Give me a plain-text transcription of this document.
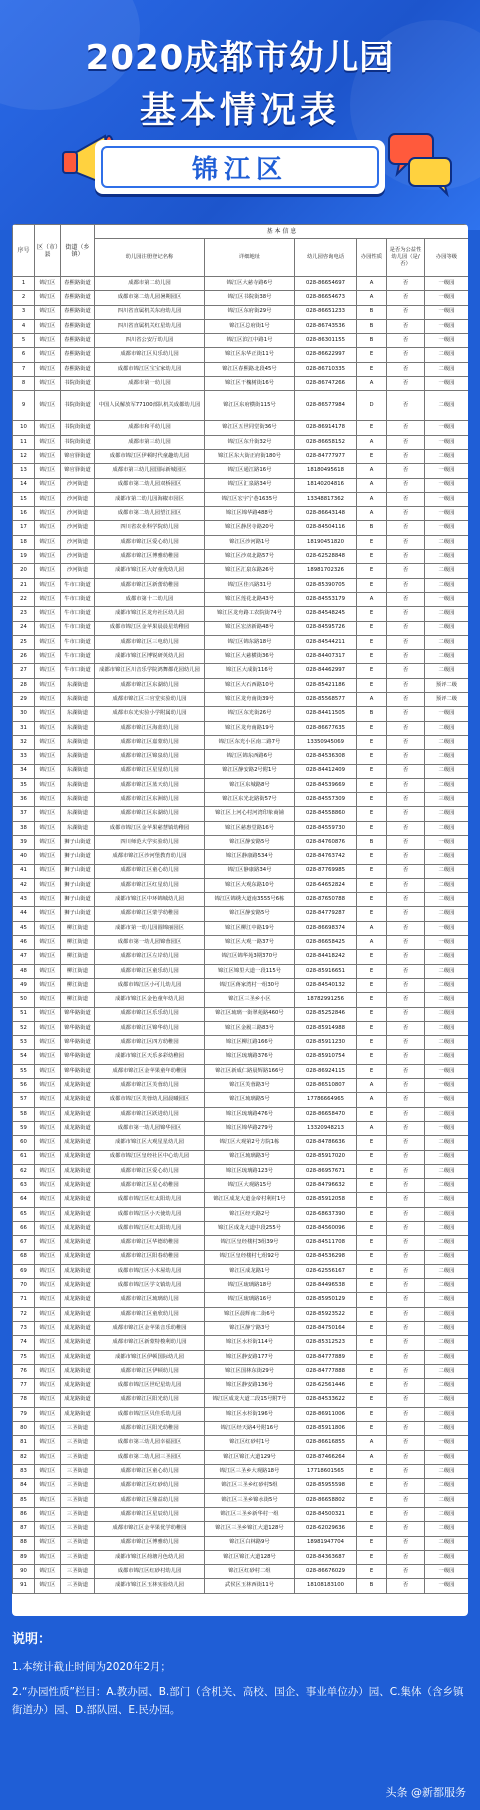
2020成都市幼儿园
基本情况表
锦江区
序号	区（市）县	街道（乡镇）	基 本 信 息					
			幼儿园注册登记名称	详细地址	幼儿园咨询电话	办园性质	是否为公益性幼儿园（是/否）	办园等级
1	锦江区	春熙路街道	成都市第二幼儿园	锦江区大慈寺路6号	028-86654697	A	否	一级园
2	锦江区	春熙路街道	成都市第二幼儿园暑期园区	锦江区书院街38号	028-86654673	A	否	一级园
3	锦江区	春熙路街道	四川省直属机关东府幼儿园	锦江区东府街29号	028-86651233	B	否	一级园
4	锦江区	春熙路街道	四川省直属机关红星幼儿园	锦江区总府街1号	028-86743536	B	否	一级园
5	锦江区	春熙路街道	四川省公安厅幼儿园	锦江区滨江中路1号	028-86301155	B	否	一级园
6	锦江区	春熙路街道	成都市锦江区贝乐幼儿园	锦江区东华正街11号	028-86622997	E	否	二级园
7	锦江区	春熙路街道	成都市锦江区宝宝家幼儿园	锦江区春熙路北段45号	028-86710335	E	否	二级园
8	锦江区	书院街街道	成都市第一幼儿园	锦江区干槐树街16号	028-86747266	A	否	一级园
9	锦江区	书院街街道	中国人民解放军77100部队机关成都幼儿园	锦江区东府横街115号	028-86577984	D	否	二级园
10	锦江区	书院街街道	成都市和平幼儿园	锦江区五世同堂街36号	028-86914178	E	否	一级园
11	锦江区	书院街街道	成都市第三幼儿园	锦江区东升街32号	028-86658152	A	否	一级园
12	锦江区	锦官驿街道	成都市锦江区伊顿时代童趣幼儿园	锦江区东大街正府街180号	028-84777977	E	否	二级园
13	锦江区	锦官驿街道	成都市第三幼儿园国际新城园区	锦江区通江路16号	18180495618	A	否	一级园
14	锦江区	沙河街道	成都市第二幼儿园双桥园区	锦江区汇泉路34号	18140204816	A	否	一级园
15	锦江区	沙河街道	成都市第二幼儿园海椒市园区	锦江区宏宇宁巷1635号	13348817362	A	否	一级园
16	锦江区	沙河街道	成都市第二幼儿园望江园区	锦江区锦华路488号	028-86643148	A	否	一级园
17	锦江区	沙河街道	四川省农业科学院幼儿园	锦江区静居寺路20号	028-84504116	B	否	一级园
18	锦江区	沙河街道	成都市锦江区爱心幼儿园	锦江区沙河路1号	18190451820	E	否	二级园
19	锦江区	沙河街道	成都市锦江区博雅幼稚园	锦江区沙双北路57号	028-62528848	E	否	二级园
20	锦江区	沙河街道	成都市锦江区大好童优幼儿园	锦江区汇泉东路26号	18981702326	E	否	二级园
21	锦江区	牛市口街道	成都市锦江区新蕾幼稚园	锦江区佳兴路31号	028-85390705	E	否	二级园
22	锦江区	牛市口街道	成都市第十二幼儿园	锦江区莲花北路43号	028-84553179	A	否	一级园
23	锦江区	牛市口街道	成都市锦江区龙舟社区幼儿园	锦江区龙舟路工农院街74号	028-84548245	E	否	二级园
24	锦江区	牛市口街道	成都市锦江区金苹果晨晨星幼稚园	锦江区宏济新路48号	028-84595726	E	否	二级园
25	锦江区	牛市口街道	成都市锦江区三电幼儿园	锦江区锦东路18号	028-84544211	E	否	二级园
26	锦江区	牛市口街道	成都市锦江区博锐研英幼儿园	锦江区大慈横街36号	028-84407317	E	否	二级园
27	锦江区	牛市口街道	成都市锦江区川音乐学院鸿舞都花园幼儿园	锦江区大成街116号	028-84462997	E	否	二级园
28	锦江区	东湖街道	成都市锦江区东湖幼儿园	锦江区大石西路10号	028-85421186	E	否	预评二级
29	锦江区	东湖街道	成都市锦江区三官堂实验幼儿园	锦江区龙舟南街39号	028-85568577	A	否	预评二级
30	锦江区	东湖街道	成都市东光实验小学附属幼儿园	锦江区东光街26号	028-84411505	B	否	一级园
31	锦江区	东湖街道	成都市锦江区海蓝幼儿园	锦江区龙舟南路19号	028-86677635	E	否	二级园
32	锦江区	东湖街道	成都市锦江区嘉蒙幼儿园	锦江区东光小区南二路7号	13350945069	E	否	二级园
33	锦江区	东湖街道	成都市锦江区锦泉幼儿园	锦江区锦东西路6号	028-84536308	E	否	二级园
34	锦江区	东湖街道	成都市锦江区星星幼儿园	锦江区静安路2号附1号	028-84412409	E	否	二级园
35	锦江区	东湖街道	成都市锦江区蓝天幼儿园	锦江区东城路8号	028-84539669	E	否	二级园
36	锦江区	东湖街道	成都市锦江区东洲幼儿园	锦江区东光北路街57号	028-84557309	E	否	三级园
37	锦江区	东湖街道	成都市锦江区东湖幼儿园	锦江区上河心村河湾印象商铺	028-84558860	E	否	二级园
38	锦江区	东湖街道	成都市锦江区金苹果慈慧镇幼稚园	锦江区慈惠堂路16号	028-84559730	E	否	二级园
39	锦江区	狮子山街道	四川师范大学实验幼儿园	锦江区静安路5号	028-84760876	B	否	一级园
40	锦江区	狮子山街道	成都市锦江区沙河堡教育幼儿园	锦江区静康路534号	028-84763742	E	否	二级园
41	锦江区	狮子山街道	成都市锦江区童心幼儿园	锦江区静康路34号	028-87769985	E	否	二级园
42	锦江区	狮子山街道	成都市锦江区红星幼儿园	锦江区大观东路10号	028-64652824	E	否	二级园
43	锦江区	狮子山街道	成都市锦江区中环锦城幼儿园	锦江区锦绣大道南3555号6栋	028-87650788	E	否	二级园
44	锦江区	狮子山街道	成都市锦江区蒙学幼稚园	锦江区静安路5号	028-84779287	E	否	二级园
45	锦江区	柳江街道	成都市第一幼儿园圆锦丽园区	锦江区柳江中路19号	028-86698374	A	否	一级园
46	锦江区	柳江街道	成都市第一幼儿园锦蓉园区	锦江区大观一路37号	028-86658425	A	否	一级园
47	锦江区	柳江街道	成都市锦江区左岸幼儿园	锦江区锦华苑3期370号	028-84418242	E	否	二级园
48	锦江区	柳江街道	成都市锦江区童乐幼儿园	锦江区锦里大道一段115号	028-85916651	E	否	二级园
49	锦江区	柳江街道	成都市锦江区小可儿幼儿园	锦江区蒋家湾村一组30号	028-84540132	E	否	二级园
50	锦江区	柳江街道	成都市锦江区金色童年幼儿园	锦江区三圣乡小区	18782991256	E	否	二级园
51	锦江区	锦华路街道	成都市锦江区乐乐幼儿园	锦江区琉璃一街翠苑路460号	028-85252846	E	否	二级园
52	锦江区	锦华路街道	成都市锦江区锦华幼儿园	锦江区金履三路83号	028-85914988	E	否	二级园
53	锦江区	锦华路街道	成都市锦江区四方幼稚园	锦江区柳江路166号	028-85911230	E	否	二级园
54	锦江区	锦华路街道	成都市锦江区天乐多彩幼稚园	锦江区琉璃路376号	028-85910754	E	否	二级园
55	锦江区	锦华路街道	成都市锦江区金苹果童年幼稚园	锦江区新成仁路晨辉路166号	028-86924115	E	否	一级园
56	锦江区	成龙路街道	成都市锦江区芙蓉幼儿园	锦江区芙蓉路3号	028-86510807	A	否	一级园
57	锦江区	成龙路街道	成都市锦江区芙蓉幼儿园晨曦园区	锦江区琉璃路5号	17786664965	A	否	一级园
58	锦江区	成龙路街道	成都市锦江区跃进幼儿园	锦江区琉璃路476号	028-86658470	E	否	二级园
59	锦江区	成龙路街道	成都市第一幼儿园锦华园区	锦江区锦华路279号	13320948213	A	否	一级园
60	锦江区	成龙路街道	成都市锦江区大观星星幼儿园	锦江区大观第2号方院1栋	028-84786636	E	否	二级园
61	锦江区	成龙路街道	成都市锦江区皇经社区中心幼儿园	锦江区琉璃路3号	028-85917020	E	否	二级园
62	锦江区	成龙路街道	成都市锦江区爱心幼儿园	锦江区琉璃路123号	028-86957671	E	否	二级园
63	锦江区	成龙路街道	成都市锦江区星心幼稚园	锦江区大观路15号	028-84796632	E	否	二级园
64	锦江区	成龙路街道	成都市锦江区红太阳幼儿园	锦江区成龙大道金帝村利村1号	028-85912058	E	否	二级园
65	锦江区	成龙路街道	成都市锦江区小天使幼儿园	锦江区经天路2号	028-68637390	E	否	二级园
66	锦江区	成龙路街道	成都市锦江区红太阳幼儿园	锦江区成龙大道中段255号	028-84560096	E	否	二级园
67	锦江区	成龙路街道	成都市锦江区华德幼稚园	锦江区皇经楼村3组39号	028-84511708	E	否	二级园
68	锦江区	成龙路街道	成都市锦江区阳春幼稚园	锦江区皇经楼村七组92号	028-84536298	E	否	二级园
69	锦江区	成龙路街道	成都市锦江区小木屋幼儿园	锦江区成龙路1号	028-62556167	E	否	二级园
70	锦江区	成龙路街道	成都市锦江区学文镇幼儿园	锦江区琉璃路18号	028-84496538	E	否	二级园
71	锦江区	成龙路街道	成都市锦江区琉璃幼儿园	锦江区琉璃路16号	028-85950129	E	否	二级园
72	锦江区	成龙路街道	成都市锦江区童欣幼儿园	锦江区晨辉南二街6号	028-85923522	E	否	二级园
73	锦江区	成龙路街道	成都市锦江区金苹果音乐幼稚园	锦江区静宁路3号	028-84750164	E	否	二级园
74	锦江区	成龙路街道	成都市锦江区新蒙特梭利幼儿园	锦江区水杉街114号	028-85312523	E	否	二级园
75	锦江区	成龙路街道	成都市锦江区伊顿国际幼儿园	锦江区静安路177号	028-84777889	E	否	二级园
76	锦江区	成龙路街道	成都市锦江区伊顿幼儿园	锦江区国林东街29号	028-84777888	E	否	二级园
77	锦江区	成龙路街道	成都市锦江区世纪星幼儿园	锦江区静安路136号	028-62561446	E	否	二级园
78	锦江区	成龙路街道	成都市锦江区阳光幼儿园	锦江区成龙大道二段15号附7号	028-84533622	E	否	二级园
79	锦江区	成龙路街道	成都市锦江区贝佳乐幼儿园	锦江区水杉街196号	028-86911006	E	否	二级园
80	锦江区	三圣街道	成都市锦江区阳光幼稚园	锦江区经天路4号附16号	028-85911806	E	否	二级园
81	锦江区	三圣街道	成都市第三幼儿园幸福园区	锦江区红砂村1号	028-86616855	A	否	一级园
82	锦江区	三圣街道	成都市第二幼儿园三圣园区	锦江区锦江大道129号	028-87466264	A	否	一级园
83	锦江区	三圣街道	成都市锦江区童心幼儿园	锦江区三圣乡大观路18号	17718601565	E	否	二级园
84	锦江区	三圣街道	成都市锦江区红砂幼儿园	锦江区三圣乡红砂村5组	028-85955598	E	否	二级园
85	锦江区	三圣街道	成都市锦江区鼎益幼儿园	锦江区三圣乡锦水街5号	028-86658802	E	否	二级园
86	锦江区	三圣街道	成都市锦江区星辰幼儿园	锦江区三圣乡新华村一组	028-84500321	E	否	二级园
87	锦江区	三圣街道	成都市锦江区金苹果优学幼稚园	锦江区三圣乡锦江大道128号	028-62029636	E	否	二级园
88	锦江区	三圣街道	成都市锦江区博雅幼儿园	锦江区白林路9号	18981947704	E	否	二级园
89	锦江区	三圣街道	成都市锦江区荷塘月色幼儿园	锦江区锦江大道128号	028-84363687	E	否	二级园
90	锦江区	三圣街道	成都市锦江区红砂村幼儿园	锦江区红砂村二组	028-86676029	E	否	一级园
91	锦江区	三圣街道	成都市锦江区玉林实验幼儿园	武侯区玉林西街11号	18108183100	B	否	一级园
说明：
1.本统计截止时间为2020年2月；
2.“办园性质”栏目：A.教办园、B.部门（含机关、高校、国企、事业单位办）园、C.集体（含乡镇街道办）园、D.部队园、E.民办园。
头条 @新都服务
